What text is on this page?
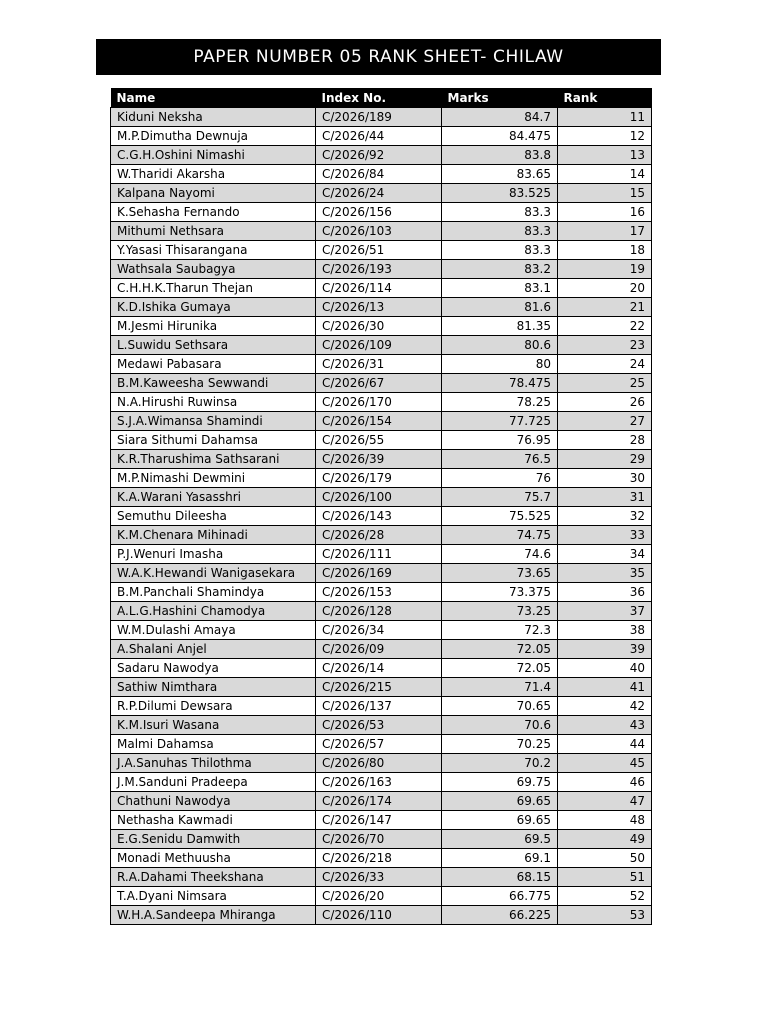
PAPER NUMBER 05 RANK SHEET- CHILAW
Name	Index No.	Marks	Rank
Kiduni Neksha	C/2026/189	84.7	11
M.P.Dimutha Dewnuja	C/2026/44	84.475	12
C.G.H.Oshini Nimashi	C/2026/92	83.8	13
W.Tharidi Akarsha	C/2026/84	83.65	14
Kalpana Nayomi	C/2026/24	83.525	15
K.Sehasha Fernando	C/2026/156	83.3	16
Mithumi Nethsara	C/2026/103	83.3	17
Y.Yasasi Thisarangana	C/2026/51	83.3	18
Wathsala Saubagya	C/2026/193	83.2	19
C.H.H.K.Tharun Thejan	C/2026/114	83.1	20
K.D.Ishika Gumaya	C/2026/13	81.6	21
M.Jesmi Hirunika	C/2026/30	81.35	22
L.Suwidu Sethsara	C/2026/109	80.6	23
Medawi Pabasara	C/2026/31	80	24
B.M.Kaweesha Sewwandi	C/2026/67	78.475	25
N.A.Hirushi Ruwinsa	C/2026/170	78.25	26
S.J.A.Wimansa Shamindi	C/2026/154	77.725	27
Siara Sithumi Dahamsa	C/2026/55	76.95	28
K.R.Tharushima Sathsarani	C/2026/39	76.5	29
M.P.Nimashi Dewmini	C/2026/179	76	30
K.A.Warani Yasasshri	C/2026/100	75.7	31
Semuthu Dileesha	C/2026/143	75.525	32
K.M.Chenara Mihinadi	C/2026/28	74.75	33
P.J.Wenuri Imasha	C/2026/111	74.6	34
W.A.K.Hewandi Wanigasekara	C/2026/169	73.65	35
B.M.Panchali Shamindya	C/2026/153	73.375	36
A.L.G.Hashini Chamodya	C/2026/128	73.25	37
W.M.Dulashi Amaya	C/2026/34	72.3	38
A.Shalani Anjel	C/2026/09	72.05	39
Sadaru Nawodya	C/2026/14	72.05	40
Sathiw Nimthara	C/2026/215	71.4	41
R.P.Dilumi Dewsara	C/2026/137	70.65	42
K.M.Isuri Wasana	C/2026/53	70.6	43
Malmi Dahamsa	C/2026/57	70.25	44
J.A.Sanuhas Thilothma	C/2026/80	70.2	45
J.M.Sanduni Pradeepa	C/2026/163	69.75	46
Chathuni Nawodya	C/2026/174	69.65	47
Nethasha Kawmadi	C/2026/147	69.65	48
E.G.Senidu Damwith	C/2026/70	69.5	49
Monadi Methuusha	C/2026/218	69.1	50
R.A.Dahami Theekshana	C/2026/33	68.15	51
T.A.Dyani Nimsara	C/2026/20	66.775	52
W.H.A.Sandeepa Mhiranga	C/2026/110	66.225	53
